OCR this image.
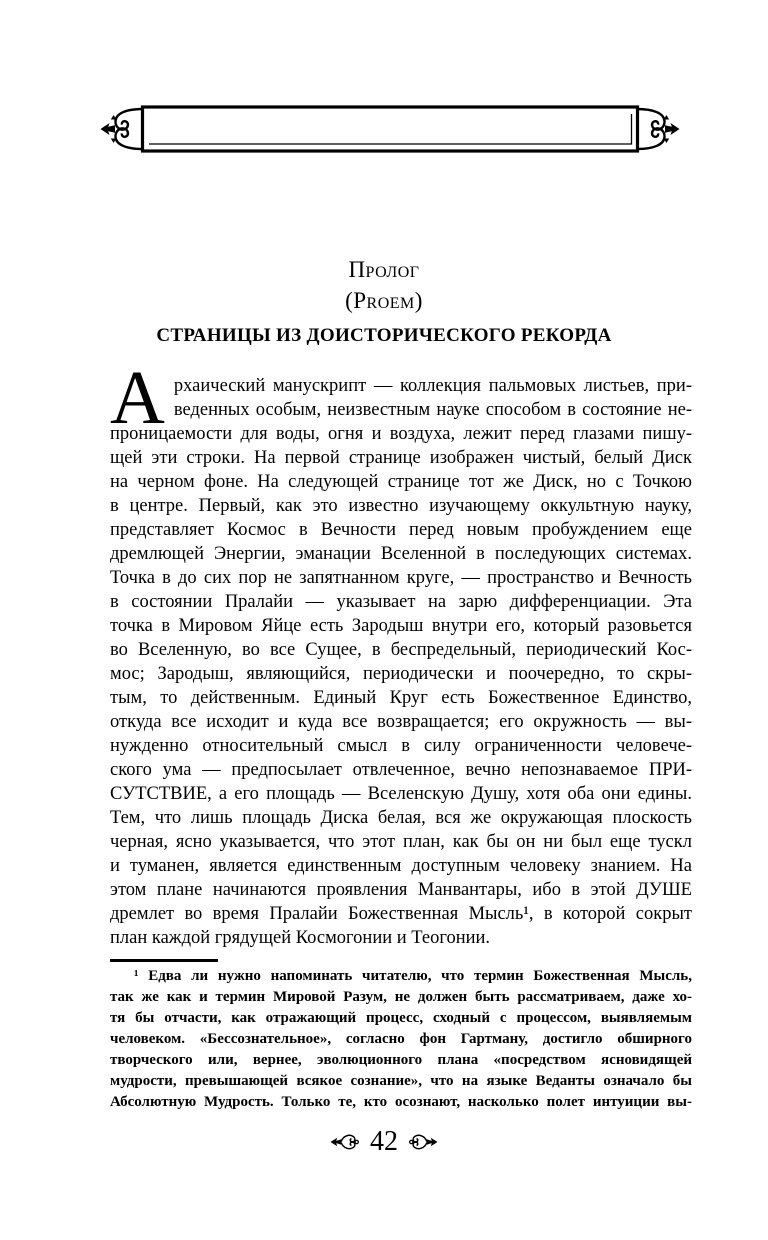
Пролог
(Proem)
СТРАНИЦЫ ИЗ ДОИСТОРИЧЕСКОГО РЕКОРДА
А рхаический манускрипт — коллекция пальмовых листьев, при-
веденных особым, неизвестным науке способом в состояние не-
проницаемости для воды, огня и воздуха, лежит перед глазами пишу-
щей эти строки. На первой странице изображен чистый, белый Диск
на черном фоне. На следующей странице тот же Диск, но с Точкою
в центре. Первый, как это известно изучающему оккультную науку,
представляет Космос в Вечности перед новым пробуждением еще
дремлющей Энергии, эманации Вселенной в последующих системах.
Точка в до сих пор не запятнанном круге, — пространство и Вечность
в состоянии Пралайи — указывает на зарю дифференциации. Эта
точка в Мировом Яйце есть Зародыш внутри его, который разовьется
во Вселенную, во все Сущее, в беспредельный, периодический Кос-
мос; Зародыш, являющийся, периодически и поочередно, то скры-
тым, то действенным. Единый Круг есть Божественное Единство,
откуда все исходит и куда все возвращается; его окружность — вы-
нужденно относительный смысл в силу ограниченности человече-
ского ума — предпосылает отвлеченное, вечно непознаваемое ПРИ-
СУТСТВИЕ, а его площадь — Вселенскую Душу, хотя оба они едины.
Тем, что лишь площадь Диска белая, вся же окружающая плоскость
черная, ясно указывается, что этот план, как бы он ни был еще тускл
и туманен, является единственным доступным человеку знанием. На
этом плане начинаются проявления Манвантары, ибо в этой ДУШЕ
дремлет во время Пралайи Божественная Мысль¹, в которой сокрыт
план каждой грядущей Космогонии и Теогонии.
¹ Едва ли нужно напоминать читателю, что термин Божественная Мысль,
так же как и термин Мировой Разум, не должен быть рассматриваем, даже хо-
тя бы отчасти, как отражающий процесс, сходный с процессом, выявляемым
человеком. «Бессознательное», согласно фон Гартману, достигло обширного
творческого или, вернее, эволюционного плана «посредством ясновидящей
мудрости, превышающей всякое сознание», что на языке Веданты означало бы
Абсолютную Мудрость. Только те, кто осознают, насколько полет интуиции вы-
42
